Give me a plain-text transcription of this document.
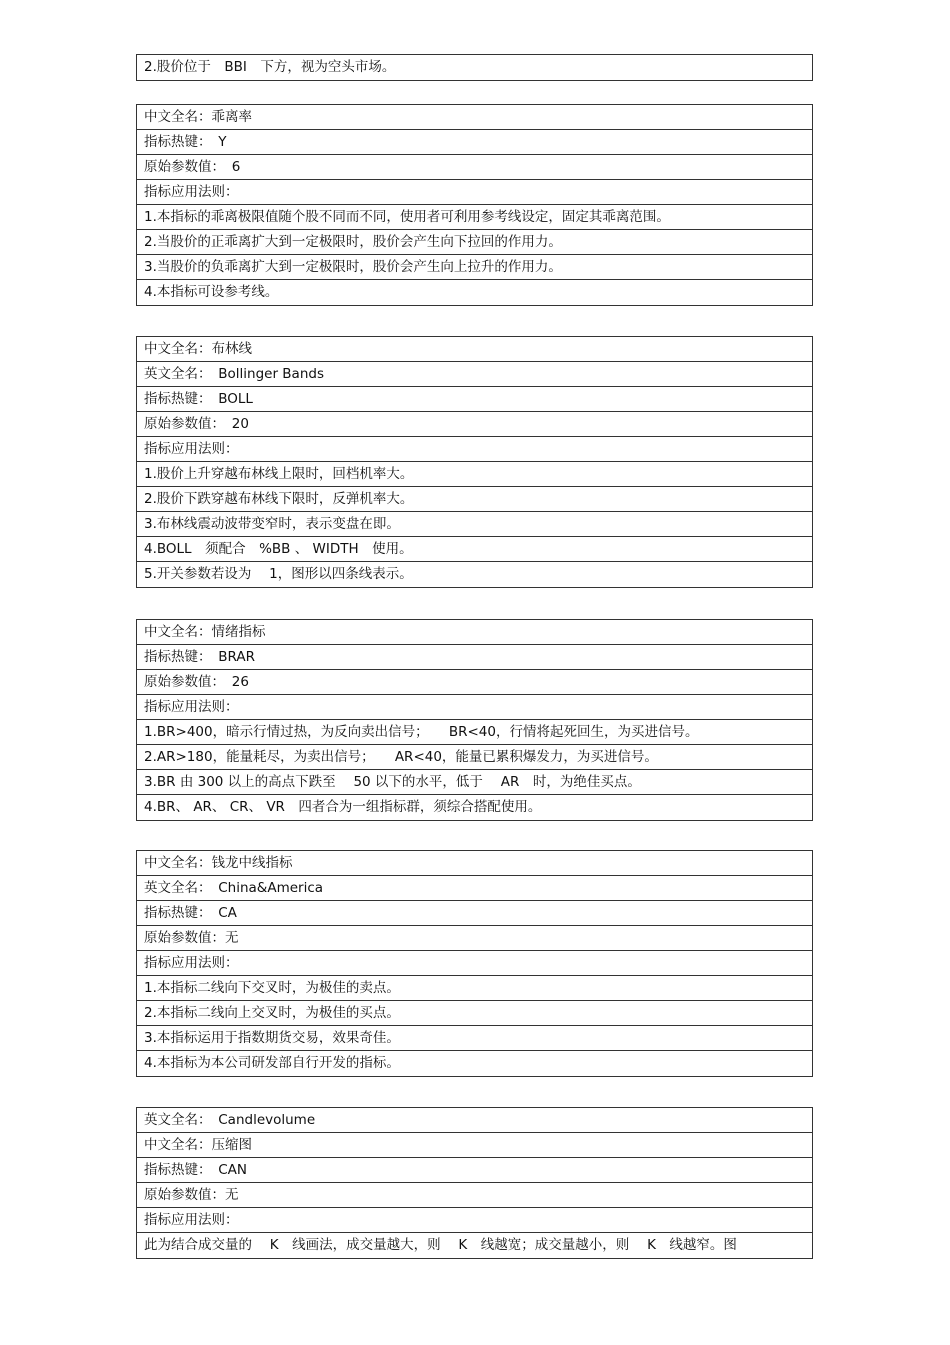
2.股价位于　BBI　下方，视为空头市场。
中文全名：乖离率
指标热键：　Y
原始参数值：　6
指标应用法则：
1.本指标的乖离极限值随个股不同而不同，使用者可利用参考线设定，固定其乖离范围。
2.当股价的正乖离扩大到一定极限时，股价会产生向下拉回的作用力。
3.当股价的负乖离扩大到一定极限时，股价会产生向上拉升的作用力。
4.本指标可设参考线。
中文全名：布林线
英文全名：　Bollinger Bands
指标热键：　BOLL
原始参数值：　20
指标应用法则：
1.股价上升穿越布林线上限时，回档机率大。
2.股价下跌穿越布林线下限时，反弹机率大。
3.布林线震动波带变窄时，表示变盘在即。
4.BOLL　须配合　%BB 、 WIDTH　使用。
5.开关参数若设为　 1，图形以四条线表示。
中文全名：情绪指标
指标热键：　BRAR
原始参数值：　26
指标应用法则：
1.BR>400，暗示行情过热，为反向卖出信号；　　BR<40，行情将起死回生，为买进信号。
2.AR>180，能量耗尽，为卖出信号；　　AR<40，能量已累积爆发力，为买进信号。
3.BR 由 300 以上的高点下跌至　 50 以下的水平，低于　 AR　时，为绝佳买点。
4.BR、 AR、 CR、 VR　四者合为一组指标群，须综合搭配使用。
中文全名：钱龙中线指标
英文全名：　China&America
指标热键：　CA
原始参数值：无
指标应用法则：
1.本指标二线向下交叉时，为极佳的卖点。
2.本指标二线向上交叉时，为极佳的买点。
3.本指标运用于指数期货交易，效果奇佳。
4.本指标为本公司研发部自行开发的指标。
英文全名：　Candlevolume
中文全名：压缩图
指标热键：　CAN
原始参数值：无
指标应用法则：
此为结合成交量的　 K　线画法，成交量越大，则　 K　线越宽；成交量越小，则　 K　线越窄。图
